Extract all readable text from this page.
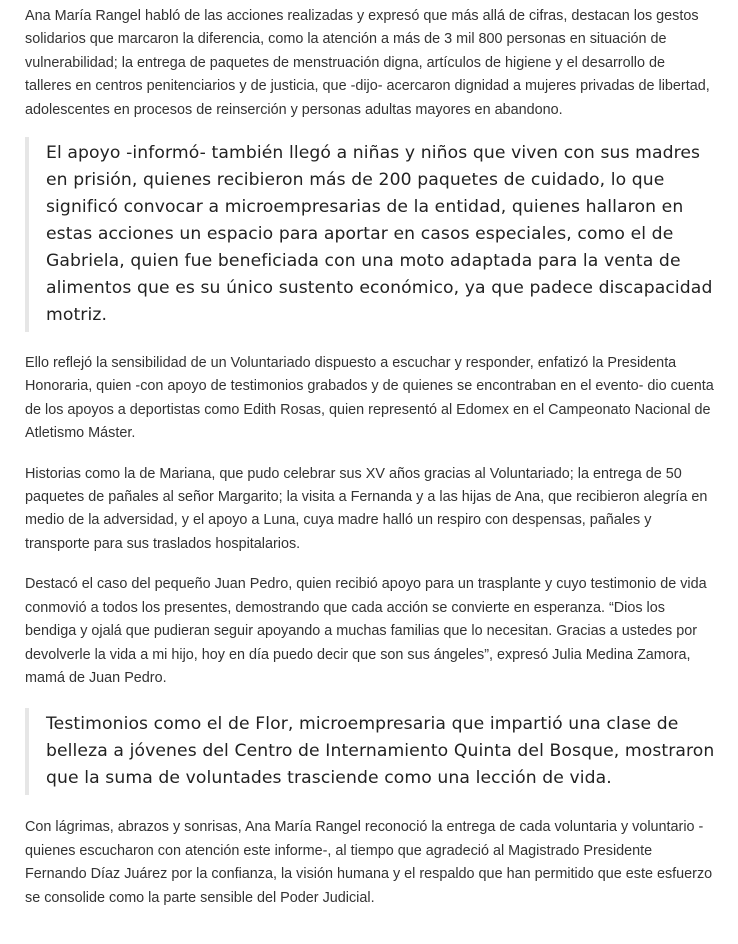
Ana María Rangel habló de las acciones realizadas y expresó que más allá de cifras, destacan los gestos solidarios que marcaron la diferencia, como la atención a más de 3 mil 800 personas en situación de vulnerabilidad; la entrega de paquetes de menstruación digna, artículos de higiene y el desarrollo de talleres en centros penitenciarios y de justicia, que -dijo- acercaron dignidad a mujeres privadas de libertad, adolescentes en procesos de reinserción y personas adultas mayores en abandono.

El apoyo -informó- también llegó a niñas y niños que viven con sus madres en prisión, quienes recibieron más de 200 paquetes de cuidado, lo que significó convocar a microempresarias de la entidad, quienes hallaron en estas acciones un espacio para aportar en casos especiales, como el de Gabriela, quien fue beneficiada con una moto adaptada para la venta de alimentos que es su único sustento económico, ya que padece discapacidad motriz.

Ello reflejó la sensibilidad de un Voluntariado dispuesto a escuchar y responder, enfatizó la Presidenta Honoraria, quien -con apoyo de testimonios grabados y de quienes se encontraban en el evento- dio cuenta de los apoyos a deportistas como Edith Rosas, quien representó al Edomex en el Campeonato Nacional de Atletismo Máster.

Historias como la de Mariana, que pudo celebrar sus XV años gracias al Voluntariado; la entrega de 50 paquetes de pañales al señor Margarito; la visita a Fernanda y a las hijas de Ana, que recibieron alegría en medio de la adversidad, y el apoyo a Luna, cuya madre halló un respiro con despensas, pañales y transporte para sus traslados hospitalarios.

Destacó el caso del pequeño Juan Pedro, quien recibió apoyo para un trasplante y cuyo testimonio de vida conmovió a todos los presentes, demostrando que cada acción se convierte en esperanza. “Dios los bendiga y ojalá que pudieran seguir apoyando a muchas familias que lo necesitan. Gracias a ustedes por devolverle la vida a mi hijo, hoy en día puedo decir que son sus ángeles”, expresó Julia Medina Zamora, mamá de Juan Pedro.

Testimonios como el de Flor, microempresaria que impartió una clase de belleza a jóvenes del Centro de Internamiento Quinta del Bosque, mostraron que la suma de voluntades trasciende como una lección de vida.

Con lágrimas, abrazos y sonrisas, Ana María Rangel reconoció la entrega de cada voluntaria y voluntario -quienes escucharon con atención este informe-, al tiempo que agradeció al Magistrado Presidente Fernando Díaz Juárez por la confianza, la visión humana y el respaldo que han permitido que este esfuerzo se consolide como la parte sensible del Poder Judicial.
